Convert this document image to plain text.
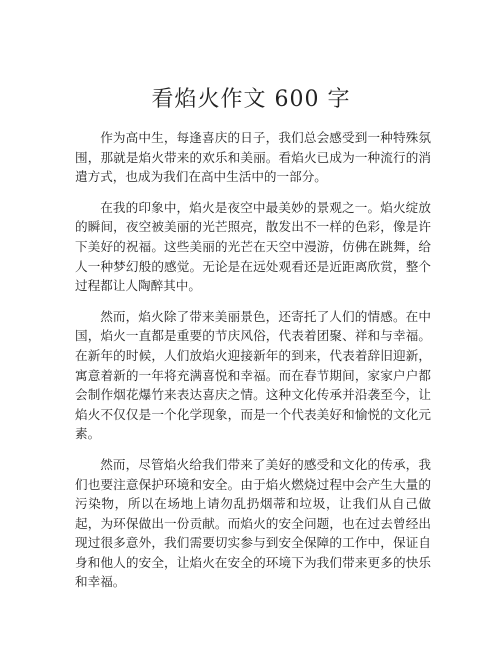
看焰火作文 600 字

作为高中生，每逢喜庆的日子，我们总会感受到一种特殊氛围，那就是焰火带来的欢乐和美丽。看焰火已成为一种流行的消遣方式，也成为我们在高中生活中的一部分。

在我的印象中，焰火是夜空中最美妙的景观之一。焰火绽放的瞬间，夜空被美丽的光芒照亮，散发出不一样的色彩，像是许下美好的祝福。这些美丽的光芒在天空中漫游，仿佛在跳舞，给人一种梦幻般的感觉。无论是在远处观看还是近距离欣赏，整个过程都让人陶醉其中。

然而，焰火除了带来美丽景色，还寄托了人们的情感。在中国，焰火一直都是重要的节庆风俗，代表着团聚、祥和与幸福。在新年的时候，人们放焰火迎接新年的到来，代表着辞旧迎新，寓意着新的一年将充满喜悦和幸福。而在春节期间，家家户户都会制作烟花爆竹来表达喜庆之情。这种文化传承并沿袭至今，让焰火不仅仅是一个化学现象，而是一个代表美好和愉悦的文化元素。

然而，尽管焰火给我们带来了美好的感受和文化的传承，我们也要注意保护环境和安全。由于焰火燃烧过程中会产生大量的污染物，所以在场地上请勿乱扔烟蒂和垃圾，让我们从自己做起，为环保做出一份贡献。而焰火的安全问题，也在过去曾经出现过很多意外，我们需要切实参与到安全保障的工作中，保证自身和他人的安全，让焰火在安全的环境下为我们带来更多的快乐和幸福。
